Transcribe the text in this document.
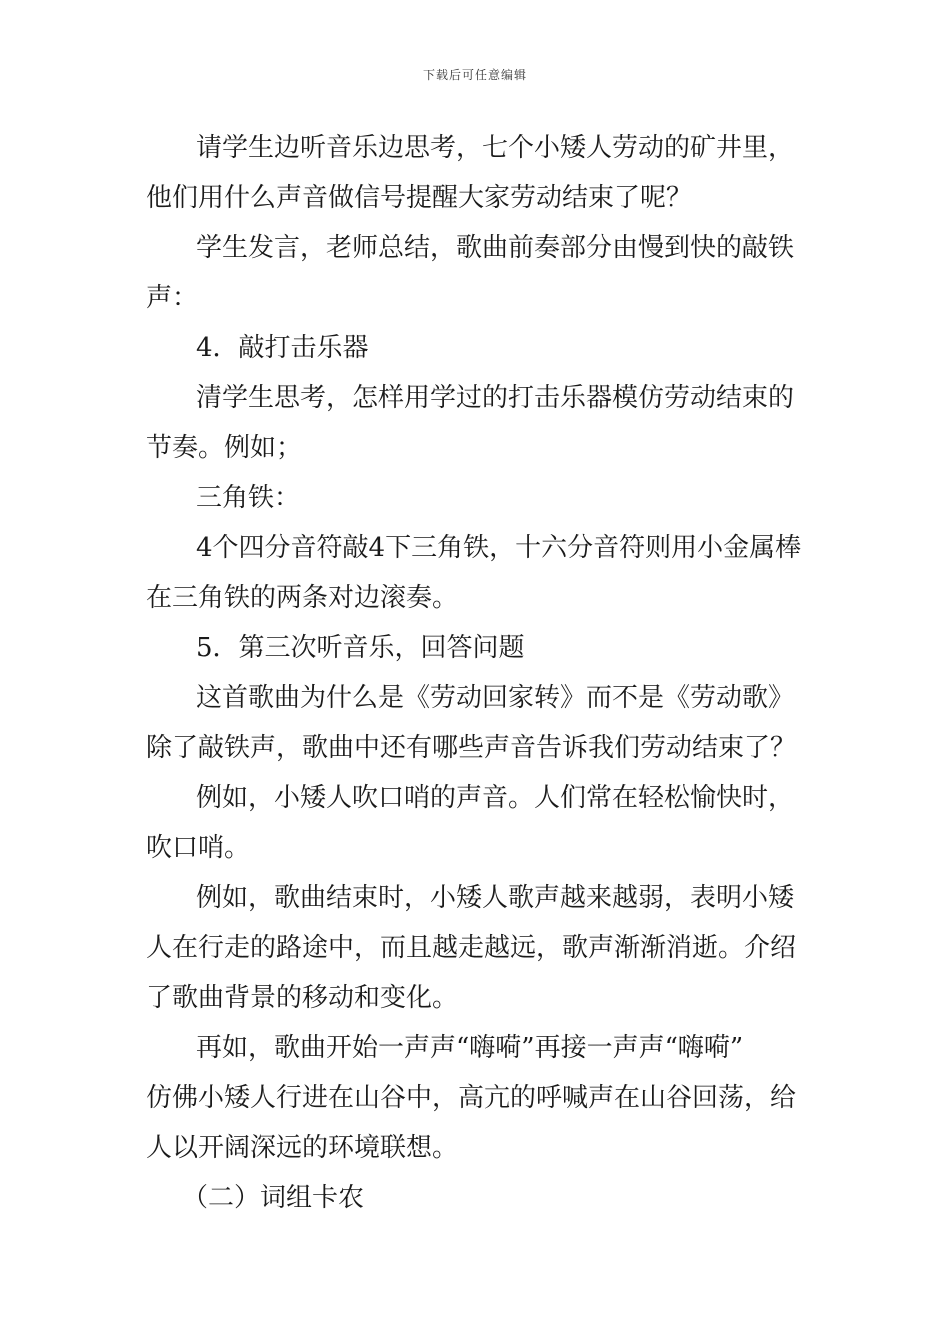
下载后可任意编辑
请学生边听音乐边思考，七个小矮人劳动的矿井里，
他们用什么声音做信号提醒大家劳动结束了呢？
学生发言，老师总结，歌曲前奏部分由慢到快的敲铁
声：
4．敲打击乐器
清学生思考，怎样用学过的打击乐器模仿劳动结束的
节奏。例如；
三角铁：
4个四分音符敲4下三角铁，十六分音符则用小金属棒
在三角铁的两条对边滚奏。
5．第三次听音乐，回答问题
这首歌曲为什么是《劳动回家转》而不是《劳动歌》
除了敲铁声，歌曲中还有哪些声音告诉我们劳动结束了？
例如，小矮人吹口哨的声音。人们常在轻松愉快时，
吹口哨。
例如，歌曲结束时，小矮人歌声越来越弱，表明小矮
人在行走的路途中，而且越走越远，歌声渐渐消逝。介绍
了歌曲背景的移动和变化。
再如，歌曲开始一声声“嗨嗬”再接一声声“嗨嗬”
仿佛小矮人行进在山谷中，高亢的呼喊声在山谷回荡，给
人以开阔深远的环境联想。
（二）词组卡农
